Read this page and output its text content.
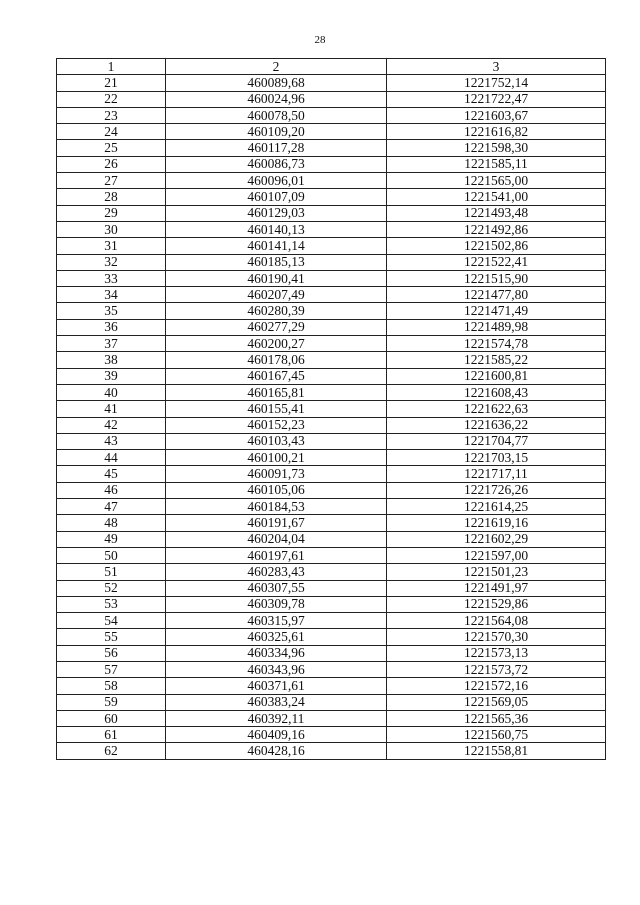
28
1	2	3
21	460089,68	1221752,14
22	460024,96	1221722,47
23	460078,50	1221603,67
24	460109,20	1221616,82
25	460117,28	1221598,30
26	460086,73	1221585,11
27	460096,01	1221565,00
28	460107,09	1221541,00
29	460129,03	1221493,48
30	460140,13	1221492,86
31	460141,14	1221502,86
32	460185,13	1221522,41
33	460190,41	1221515,90
34	460207,49	1221477,80
35	460280,39	1221471,49
36	460277,29	1221489,98
37	460200,27	1221574,78
38	460178,06	1221585,22
39	460167,45	1221600,81
40	460165,81	1221608,43
41	460155,41	1221622,63
42	460152,23	1221636,22
43	460103,43	1221704,77
44	460100,21	1221703,15
45	460091,73	1221717,11
46	460105,06	1221726,26
47	460184,53	1221614,25
48	460191,67	1221619,16
49	460204,04	1221602,29
50	460197,61	1221597,00
51	460283,43	1221501,23
52	460307,55	1221491,97
53	460309,78	1221529,86
54	460315,97	1221564,08
55	460325,61	1221570,30
56	460334,96	1221573,13
57	460343,96	1221573,72
58	460371,61	1221572,16
59	460383,24	1221569,05
60	460392,11	1221565,36
61	460409,16	1221560,75
62	460428,16	1221558,81
